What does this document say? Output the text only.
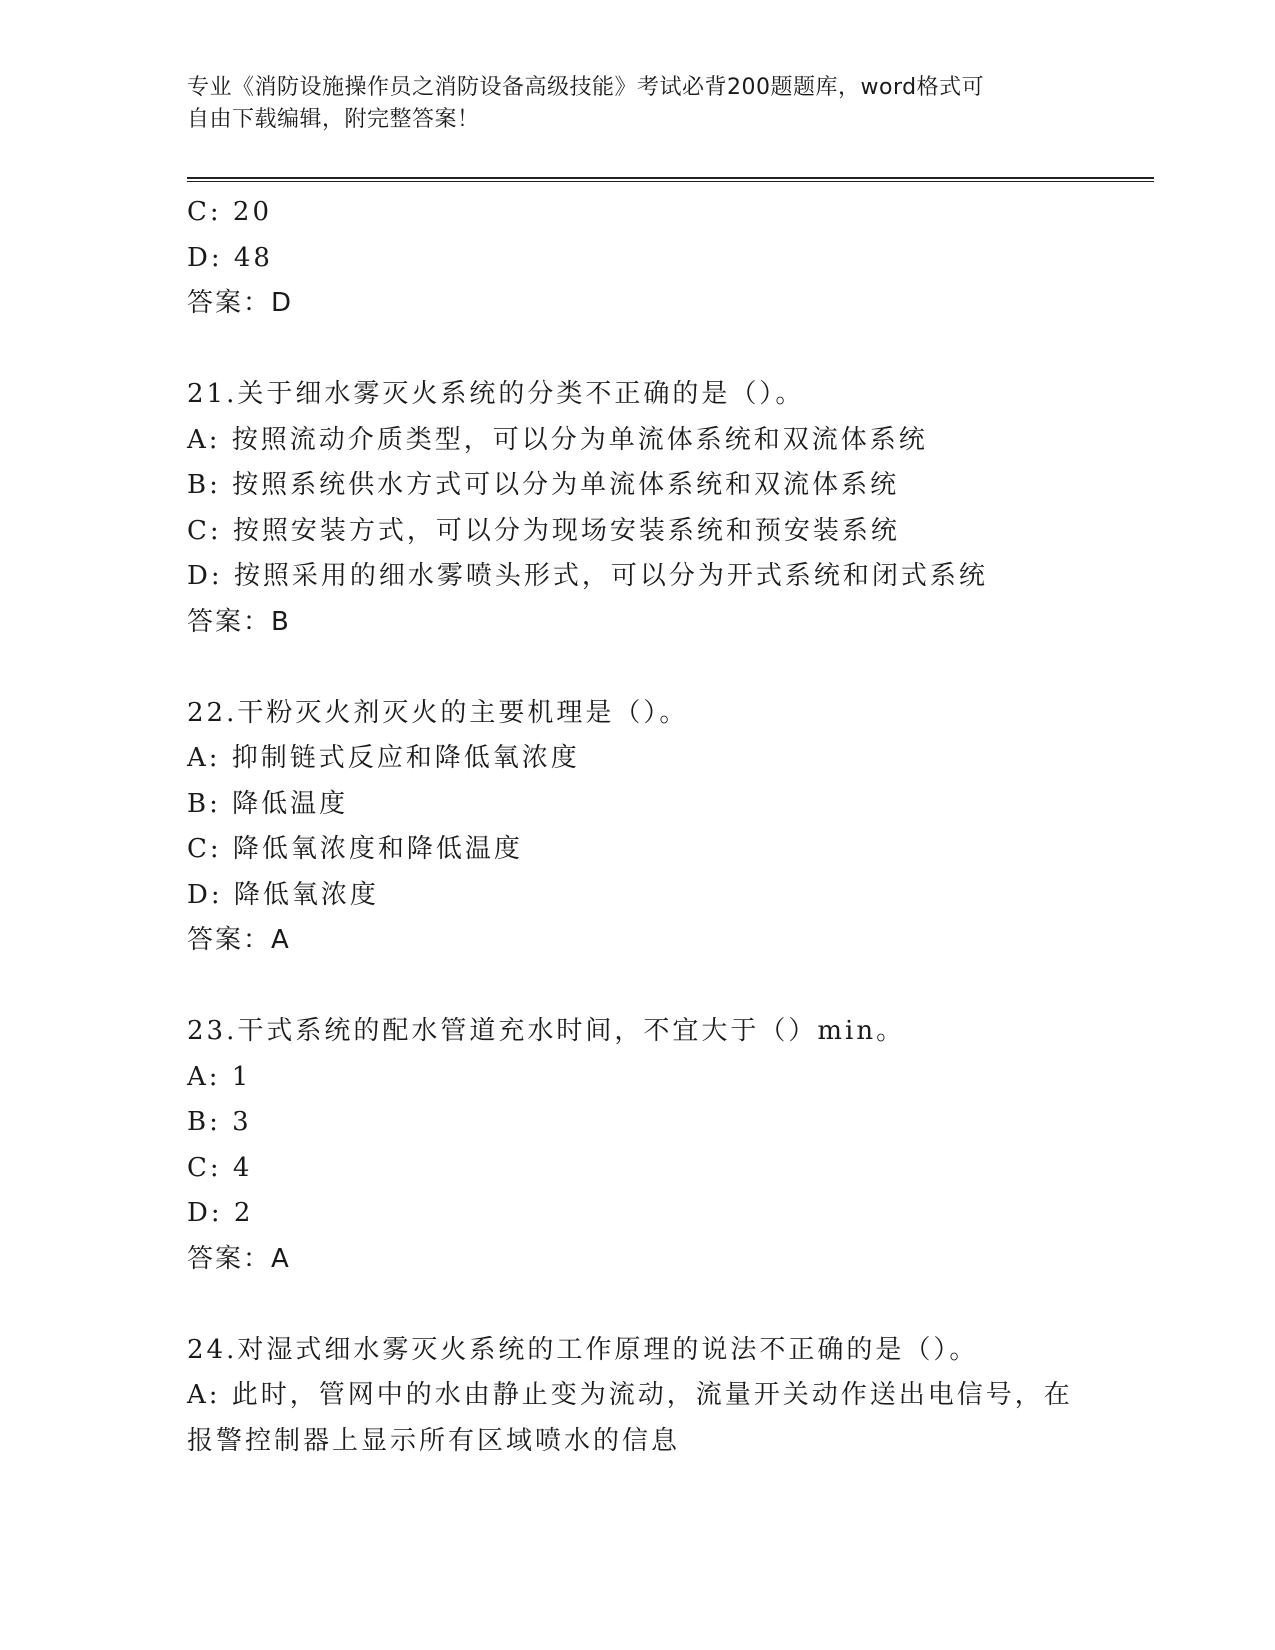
专业《消防设施操作员之消防设备高级技能》考试必背200题题库，word格式可
自由下载编辑，附完整答案！
C: 20
D: 48
答案：D
21.关于细水雾灭火系统的分类不正确的是（）。
A: 按照流动介质类型，可以分为单流体系统和双流体系统
B: 按照系统供水方式可以分为单流体系统和双流体系统
C: 按照安装方式，可以分为现场安装系统和预安装系统
D: 按照采用的细水雾喷头形式，可以分为开式系统和闭式系统
答案：B
22.干粉灭火剂灭火的主要机理是（）。
A: 抑制链式反应和降低氧浓度
B: 降低温度
C: 降低氧浓度和降低温度
D: 降低氧浓度
答案：A
23.干式系统的配水管道充水时间，不宜大于（）min。
A: 1
B: 3
C: 4
D: 2
答案：A
24.对湿式细水雾灭火系统的工作原理的说法不正确的是（）。
A: 此时，管网中的水由静止变为流动，流量开关动作送出电信号，在
报警控制器上显示所有区域喷水的信息
